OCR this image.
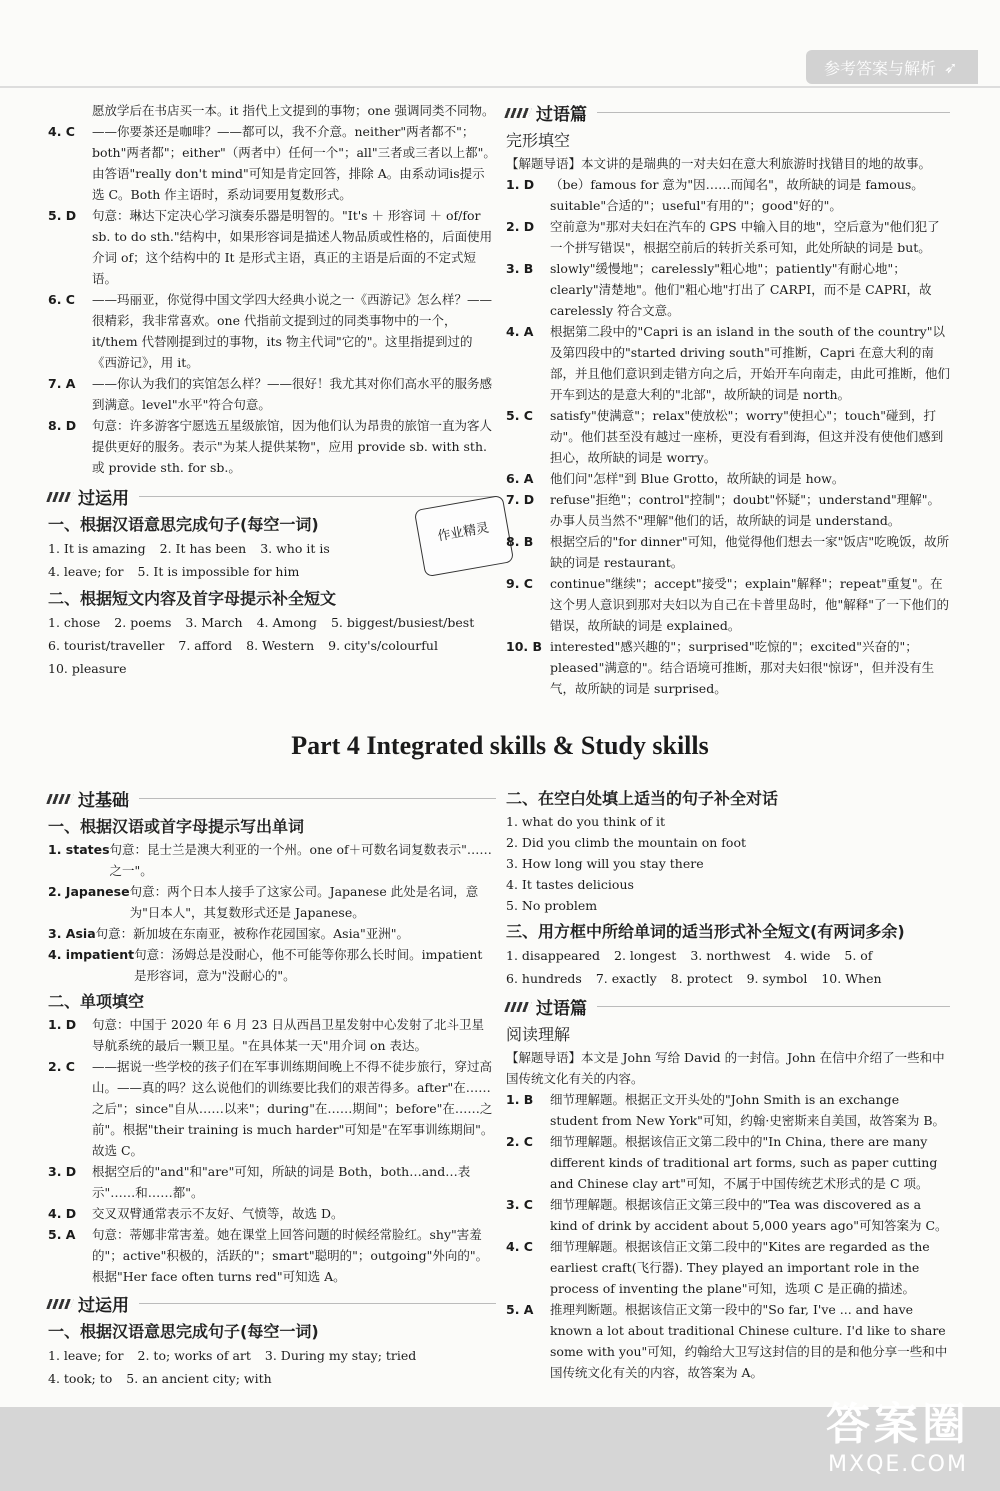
参考答案与解析 ➶
愿放学后在书店买一本。it 指代上文提到的事物；one 强调同类不同物。
4. C	——你要茶还是咖啡？——都可以，我不介意。neither"两者都不"；both"两者都"；either"（两者中）任何一个"；all"三者或三者以上都"。由答语"really don't mind"可知是肯定回答，排除 A。由系动词is提示选 C。Both 作主语时，系动词要用复数形式。
5. D	句意：琳达下定决心学习演奏乐器是明智的。"It's ＋ 形容词 ＋ of/for sb. to do sth."结构中，如果形容词是描述人物品质或性格的，后面使用介词 of；这个结构中的 It 是形式主语，真正的主语是后面的不定式短语。
6. C	——玛丽亚，你觉得中国文学四大经典小说之一《西游记》怎么样？——很精彩，我非常喜欢。one 代指前文提到过的同类事物中的一个，it/them 代替刚提到过的事物，its 物主代词"它的"。这里指提到过的《西游记》，用 it。
7. A	——你认为我们的宾馆怎么样？——很好！我尤其对你们高水平的服务感到满意。level"水平"符合句意。
8. D	句意：许多游客宁愿选五星级旅馆，因为他们认为昂贵的旅馆一直为客人提供更好的服务。表示"为某人提供某物"，应用 provide sb. with sth. 或 provide sth. for sb.。
过运用
一、根据汉语意思完成句子(每空一词)
1. It is amazing 2. It has been 3. who it is
4. leave; for 5. It is impossible for him
二、根据短文内容及首字母提示补全短文
1. chose 2. poems 3. March 4. Among 5. biggest/busiest/best
6. tourist/traveller 7. afford 8. Western 9. city's/colourful
10. pleasure
作业精灵
过语篇
完形填空
【解题导语】本文讲的是瑞典的一对夫妇在意大利旅游时找错目的地的故事。
1. D	（be）famous for 意为"因……而闻名"，故所缺的词是 famous。suitable"合适的"；useful"有用的"；good"好的"。
2. D	空前意为"那对夫妇在汽车的 GPS 中输入目的地"，空后意为"他们犯了一个拼写错误"，根据空前后的转折关系可知，此处所缺的词是 but。
3. B	slowly"缓慢地"；carelessly"粗心地"；patiently"有耐心地"；clearly"清楚地"。他们"粗心地"打出了 CARPI，而不是 CAPRI，故 carelessly 符合文意。
4. A	根据第二段中的"Capri is an island in the south of the country"以及第四段中的"started driving south"可推断，Capri 在意大利的南部，并且他们意识到走错方向之后，开始开车向南走，由此可推断，他们开车到达的是意大利的"北部"，故所缺的词是 north。
5. C	satisfy"使满意"；relax"使放松"；worry"使担心"；touch"碰到，打动"。他们甚至没有越过一座桥，更没有看到海，但这并没有使他们感到担心，故所缺的词是 worry。
6. A	他们问"怎样"到 Blue Grotto，故所缺的词是 how。
7. D	refuse"拒绝"；control"控制"；doubt"怀疑"；understand"理解"。办事人员当然不"理解"他们的话，故所缺的词是 understand。
8. B	根据空后的"for dinner"可知，他觉得他们想去一家"饭店"吃晚饭，故所缺的词是 restaurant。
9. C	continue"继续"；accept"接受"；explain"解释"；repeat"重复"。在这个男人意识到那对夫妇以为自己在卡普里岛时，他"解释"了一下他们的错误，故所缺的词是 explained。
10. B interested"感兴趣的"；surprised"吃惊的"；excited"兴奋的"；pleased"满意的"。结合语境可推断，那对夫妇很"惊讶"，但并没有生气，故所缺的词是 surprised。
Part 4 Integrated skills & Study skills
过基础
一、根据汉语或首字母提示写出单词
1. states 句意：昆士兰是澳大利亚的一个州。one of＋可数名词复数表示"……之一"。
2. Japanese 句意：两个日本人接手了这家公司。Japanese 此处是名词，意为"日本人"，其复数形式还是 Japanese。
3. Asia 句意：新加坡在东南亚，被称作花园国家。Asia"亚洲"。
4. impatient 句意：汤姆总是没耐心，他不可能等你那么长时间。impatient 是形容词，意为"没耐心的"。
二、单项填空
1. D	句意：中国于 2020 年 6 月 23 日从西昌卫星发射中心发射了北斗卫星导航系统的最后一颗卫星。"在具体某一天"用介词 on 表达。
2. C	——据说一些学校的孩子们在军事训练期间晚上不得不徒步旅行，穿过高山。——真的吗？这么说他们的训练要比我们的艰苦得多。after"在……之后"；since"自从……以来"；during"在……期间"；before"在……之前"。根据"their training is much harder"可知是"在军事训练期间"。故选 C。
3. D	根据空后的"and"和"are"可知，所缺的词是 Both，both…and…表示"……和……都"。
4. D	交叉双臂通常表示不友好、气愤等，故选 D。
5. A	句意：蒂娜非常害羞。她在课堂上回答问题的时候经常脸红。shy"害羞的"；active"积极的，活跃的"；smart"聪明的"；outgoing"外向的"。根据"Her face often turns red"可知选 A。
过运用
一、根据汉语意思完成句子(每空一词)
1. leave; for 2. to; works of art 3. During my stay; tried
4. took; to 5. an ancient city; with
二、在空白处填上适当的句子补全对话
1. what do you think of it
2. Did you climb the mountain on foot
3. How long will you stay there
4. It tastes delicious
5. No problem
三、用方框中所给单词的适当形式补全短文(有两词多余)
1. disappeared 2. longest 3. northwest 4. wide 5. of
6. hundreds 7. exactly 8. protect 9. symbol 10. When
过语篇
阅读理解
【解题导语】本文是 John 写给 David 的一封信。John 在信中介绍了一些和中国传统文化有关的内容。
1. B	细节理解题。根据正文开头处的"John Smith is an exchange student from New York"可知，约翰·史密斯来自美国，故答案为 B。
2. C	细节理解题。根据该信正文第二段中的"In China, there are many different kinds of traditional art forms, such as paper cutting and Chinese clay art"可知，不属于中国传统艺术形式的是 C 项。
3. C	细节理解题。根据该信正文第三段中的"Tea was discovered as a kind of drink by accident about 5,000 years ago"可知答案为 C。
4. C	细节理解题。根据该信正文第二段中的"Kites are regarded as the earliest craft(飞行器). They played an important role in the process of inventing the plane"可知，选项 C 是正确的描述。
5. A	推理判断题。根据该信正文第一段中的"So far, I've ... and have known a lot about traditional Chinese culture. I'd like to share some with you"可知，约翰给大卫写这封信的目的是和他分享一些和中国传统文化有关的内容，故答案为 A。
答案圈
MXQE.COM
